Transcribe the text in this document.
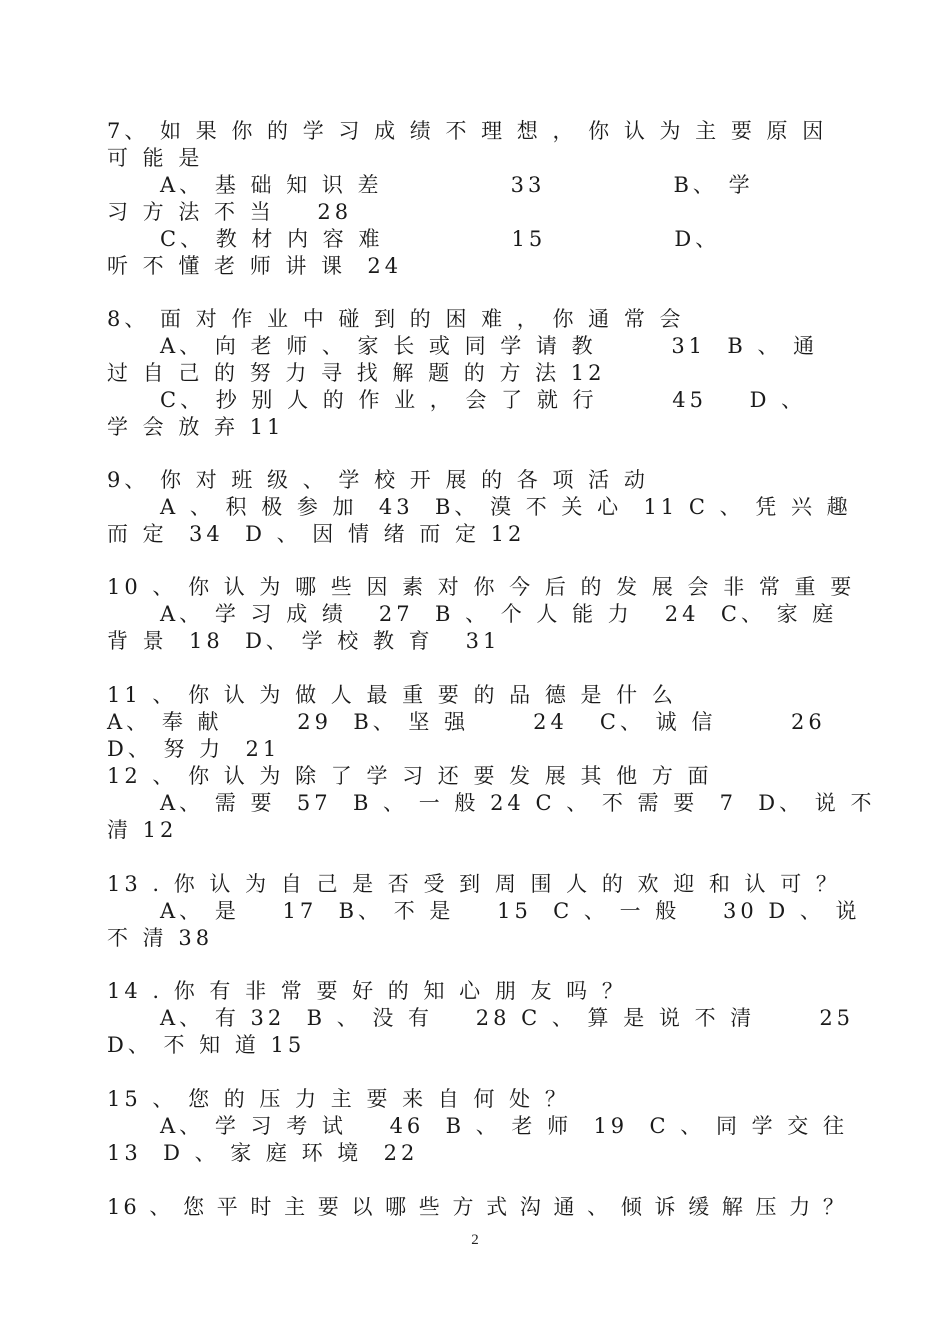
7、 如 果 你 的 学 习 成 绩 不 理 想 ， 你 认 为 主 要 原 因
可 能 是
A、 基 础 知 识 差            33            B、 学
习 方 法 不 当    28
C、 教 材 内 容 难            15            D、
听 不 懂 老 师 讲 课  24
8、 面 对 作 业 中 碰 到 的 困 难 ， 你 通 常 会
A、 向 老 师 、 家 长 或 同 学 请 教       31  B 、 通
过 自 己 的 努 力 寻 找 解 题 的 方 法 12
C、 抄 别 人 的 作 业 ， 会 了 就 行       45    D 、
学 会 放 弃 11
9、 你 对 班 级 、 学 校 开 展 的 各 项 活 动
A 、 积 极 参 加  43  B、 漠 不 关 心  11 C 、 凭 兴 趣
而 定  34  D 、 因 情 绪 而 定 12
10 、 你 认 为 哪 些 因 素 对 你 今 后 的 发 展 会 非 常 重 要
A、 学 习 成 绩   27  B 、 个 人 能 力   24  C、 家 庭
背 景  18  D、 学 校 教 育   31
11 、 你 认 为 做 人 最 重 要 的 品 德 是 什 么
A、 奉 献       29  B、 坚 强      24   C、 诚 信       26
D、 努 力  21
12 、 你 认 为 除 了 学 习 还 要 发 展 其 他 方 面
A、 需 要  57  B 、 一 般 24 C 、 不 需 要  7  D、 说 不
清 12
13 . 你 认 为 自 己 是 否 受 到 周 围 人 的 欢 迎 和 认 可 ？
A、 是    17  B、 不 是    15  C 、 一 般    30 D 、 说
不 清 38
14 . 你 有 非 常 要 好 的 知 心 朋 友 吗 ？
A、 有 32  B 、 没 有    28 C 、 算 是 说 不 清      25
D、 不 知 道 15
15 、 您 的 压 力 主 要 来 自 何 处 ？
A、 学 习 考 试    46  B 、 老 师  19  C 、 同 学 交 往
13  D 、 家 庭 环 境  22
16 、 您 平 时 主 要 以 哪 些 方 式 沟 通 、 倾 诉 缓 解 压 力 ？
2
